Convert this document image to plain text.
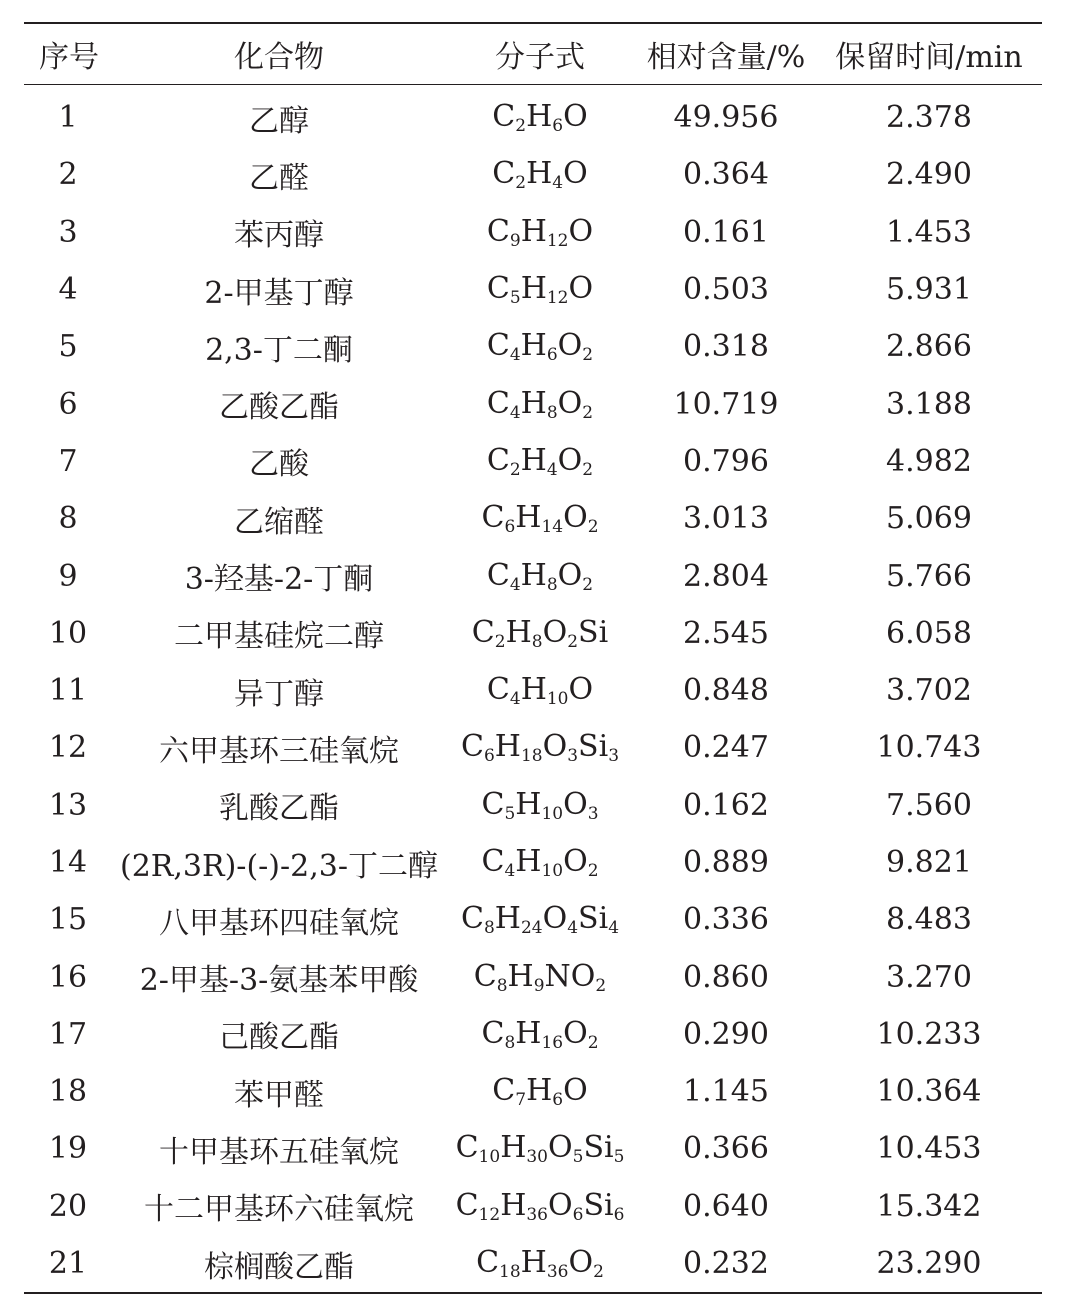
序号	化合物	分子式	相对含量/%	保留时间/min
1	乙醇	$C_2H_6O$	49.956	2.378
2	乙醛	$C_2H_4O$	0.364	2.490
3	苯丙醇	$C_9H_{12}O$	0.161	1.453
4	2-甲基丁醇	$C_5H_{12}O$	0.503	5.931
5	2,3-丁二酮	$C_4H_6O_2$	0.318	2.866
6	乙酸乙酯	$C_4H_8O_2$	10.719	3.188
7	乙酸	$C_2H_4O_2$	0.796	4.982
8	乙缩醛	$C_6H_{14}O_2$	3.013	5.069
9	3-羟基-2-丁酮	$C_4H_8O_2$	2.804	5.766
10	二甲基硅烷二醇	$C_2H_8O_2Si$	2.545	6.058
11	异丁醇	$C_4H_{10}O$	0.848	3.702
12	六甲基环三硅氧烷	$C_6H_{18}O_3Si_3$	0.247	10.743
13	乳酸乙酯	$C_5H_{10}O_3$	0.162	7.560
14	(2R,3R)-(-)-2,3-丁二醇	$C_4H_{10}O_2$	0.889	9.821
15	八甲基环四硅氧烷	$C_8H_{24}O_4Si_4$	0.336	8.483
16	2-甲基-3-氨基苯甲酸	$C_8H_9NO_2$	0.860	3.270
17	己酸乙酯	$C_8H_{16}O_2$	0.290	10.233
18	苯甲醛	$C_7H_6O$	1.145	10.364
19	十甲基环五硅氧烷	$C_{10}H_{30}O_5Si_5$	0.366	10.453
20	十二甲基环六硅氧烷	$C_{12}H_{36}O_6Si_6$	0.640	15.342
21	棕榈酸乙酯	$C_{18}H_{36}O_2$	0.232	23.290
